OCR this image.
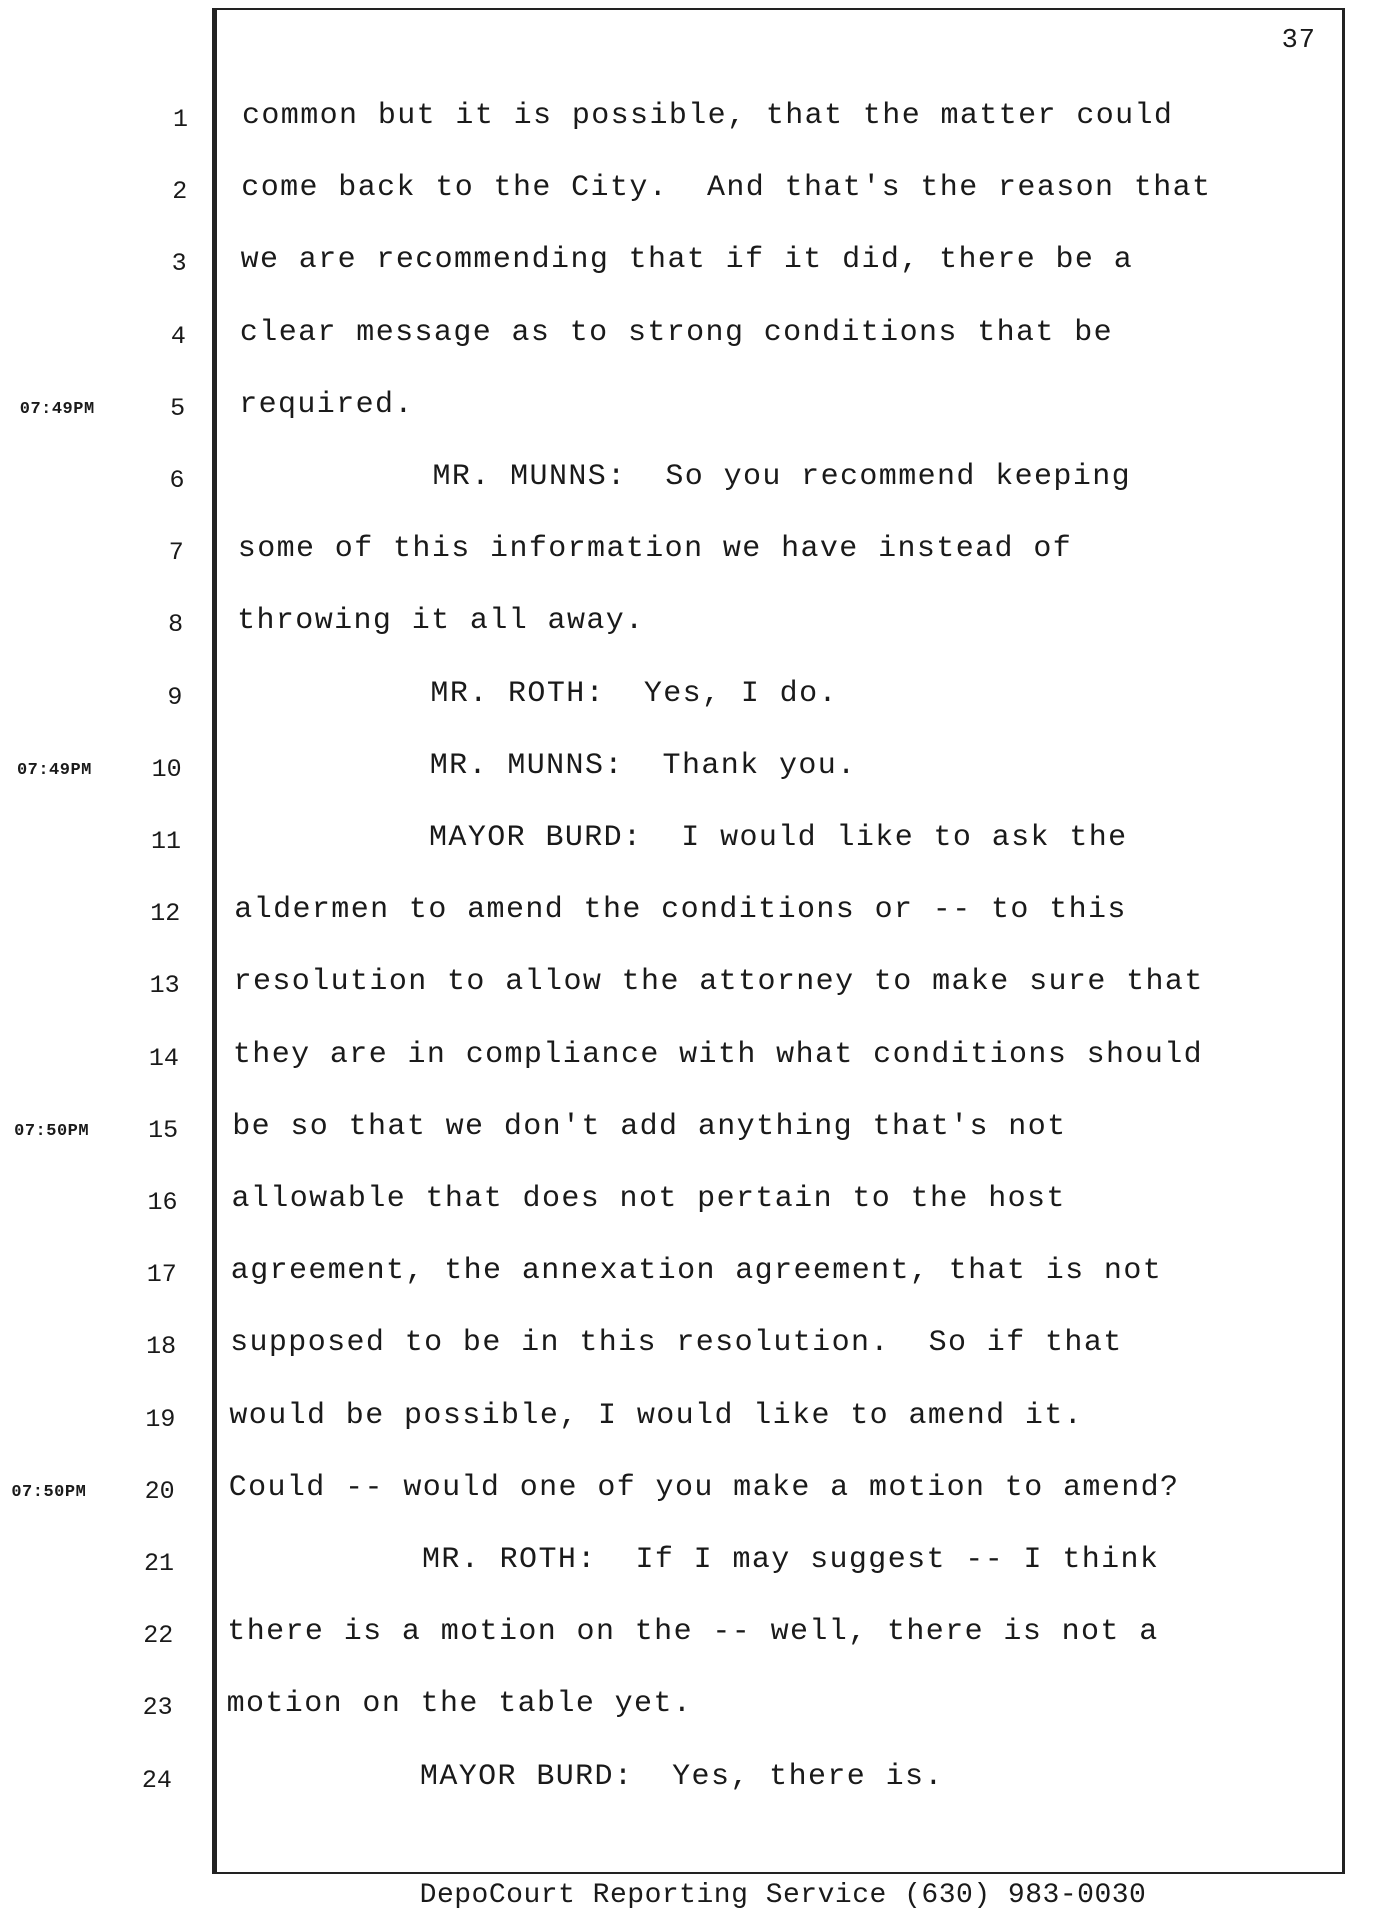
37
1 common but it is possible, that the matter could
2 come back to the City.  And that's the reason that
3 we are recommending that if it did, there be a
4 clear message as to strong conditions that be
5
07:49PM	required.
6 MR. MUNNS:  So you recommend keeping
7 some of this information we have instead of
8 throwing it all away.
9 MR. ROTH:  Yes, I do.
10
07:49PM	MR. MUNNS:  Thank you.
11 MAYOR BURD:  I would like to ask the
12 aldermen to amend the conditions or -- to this
13 resolution to allow the attorney to make sure that
14 they are in compliance with what conditions should
15
07:50PM	be so that we don't add anything that's not
16 allowable that does not pertain to the host
17 agreement, the annexation agreement, that is not
18 supposed to be in this resolution.  So if that
19 would be possible, I would like to amend it.
20
07:50PM	Could -- would one of you make a motion to amend?
21 MR. ROTH:  If I may suggest -- I think
22 there is a motion on the -- well, there is not a
23 motion on the table yet.
24 MAYOR BURD:  Yes, there is.
DepoCourt Reporting Service (630) 983-0030
